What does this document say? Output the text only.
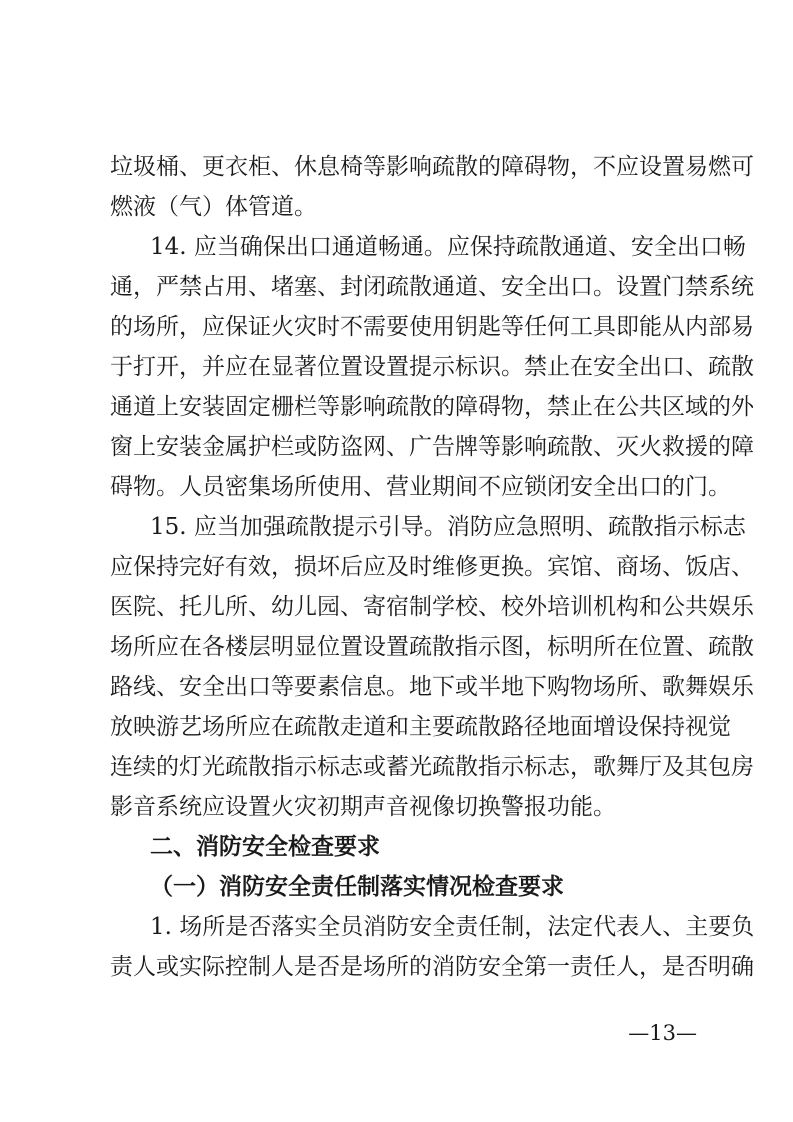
垃圾桶、更衣柜、休息椅等影响疏散的障碍物，不应设置易燃可
燃液（气）体管道。
14. 应当确保出口通道畅通。应保持疏散通道、安全出口畅
通，严禁占用、堵塞、封闭疏散通道、安全出口。设置门禁系统
的场所，应保证火灾时不需要使用钥匙等任何工具即能从内部易
于打开，并应在显著位置设置提示标识。禁止在安全出口、疏散
通道上安装固定栅栏等影响疏散的障碍物，禁止在公共区域的外
窗上安装金属护栏或防盗网、广告牌等影响疏散、灭火救援的障
碍物。人员密集场所使用、营业期间不应锁闭安全出口的门。
15. 应当加强疏散提示引导。消防应急照明、疏散指示标志
应保持完好有效，损坏后应及时维修更换。宾馆、商场、饭店、
医院、托儿所、幼儿园、寄宿制学校、校外培训机构和公共娱乐
场所应在各楼层明显位置设置疏散指示图，标明所在位置、疏散
路线、安全出口等要素信息。地下或半地下购物场所、歌舞娱乐
放映游艺场所应在疏散走道和主要疏散路径地面增设保持视觉
连续的灯光疏散指示标志或蓄光疏散指示标志，歌舞厅及其包房
影音系统应设置火灾初期声音视像切换警报功能。
二、消防安全检查要求
（一）消防安全责任制落实情况检查要求
1. 场所是否落实全员消防安全责任制，法定代表人、主要负
责人或实际控制人是否是场所的消防安全第一责任人，是否明确
—13—
